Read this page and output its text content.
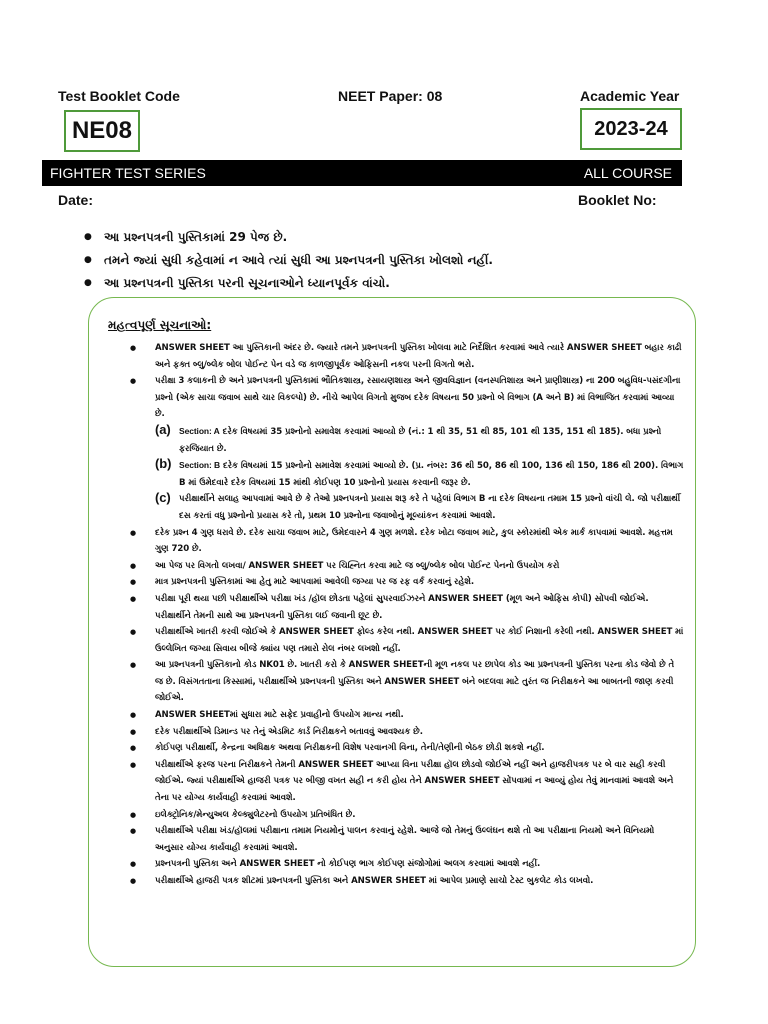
Test Booklet Code	NEET Paper: 08	Academic Year
NE08	2023-24
FIGHTER TEST SERIES	ALL COURSE
Date:	Booklet No:
● આ પ્રશ્નપત્રની પુસ્તિકામાં 29 પેજ છે.
● તમને જ્યાં સુધી કહેવામાં ન આવે ત્યાં સુધી આ પ્રશ્નપત્રની પુસ્તિકા ખોલશો નહીં.
● આ પ્રશ્નપત્રની પુસ્તિકા પરની સૂચનાઓને ધ્યાનપૂર્વક વાંચો.
મહત્વપૂર્ણ સૂચનાઓ:
● ANSWER SHEET આ પુસ્તિકાની અંદર છે. જ્યારે તમને પ્રશ્નપત્રની પુસ્તિકા ખોલવા માટે નિર્દેશિત કરવામાં આવે ત્યારે ANSWER SHEET બહાર કાઢી અને ફક્ત બ્લુ/બ્લેક બોલ પોઈન્ટ પેન વડે જ કાળજીપૂર્વક ઓફિસની નકલ પરની વિગતો ભરો.
● પરીક્ષા 3 કલાકની છે અને પ્રશ્નપત્રની પુસ્તિકામાં ભૌતિકશાસ્ત્ર, રસાયણશાસ્ત્ર અને જીવવિજ્ઞાન (વનસ્પતિશાસ્ત્ર અને પ્રાણીશાસ્ત્ર) ના 200 બહુવિધ-પસંદગીના પ્રશ્નો (એક સાચા જવાબ સાથે ચાર વિકલ્પો) છે. નીચે આપેલ વિગતો મુજબ દરેક વિષયના 50 પ્રશ્નો બે વિભાગ (A અને B) માં વિભાજિત કરવામાં આવ્યા છે.
(a) Section: A દરેક વિષયમાં 35 પ્રશ્નોનો સમાવેશ કરવામાં આવ્યો છે (નં.: 1 થી 35, 51 થી 85, 101 થી 135, 151 થી 185). બધા પ્રશ્નો ફરજિયાત છે.
(b) Section: B દરેક વિષયમાં 15 પ્રશ્નોનો સમાવેશ કરવામાં આવ્યો છે. (પ્ર. નંબર: 36 થી 50, 86 થી 100, 136 થી 150, 186 થી 200). વિભાગ B માં ઉમેદવારે દરેક વિષયમાં 15 માંથી કોઈપણ 10 પ્રશ્નોનો પ્રયાસ કરવાની જરૂર છે.
(c) પરીક્ષાર્થીને સલાહ આપવામાં આવે છે કે તેઓ પ્રશ્નપત્રનો પ્રયાસ શરૂ કરે તે પહેલાં વિભાગ B ના દરેક વિષયના તમામ 15 પ્રશ્નો વાંચી લે. જો પરીક્ષાર્થી દસ કરતાં વધુ પ્રશ્નોનો પ્રયાસ કરે તો, પ્રથમ 10 પ્રશ્નોના જવાબોનું મૂલ્યાંકન કરવામાં આવશે.
● દરેક પ્રશ્ન 4 ગુણ ધરાવે છે. દરેક સાચા જવાબ માટે, ઉમેદવારને 4 ગુણ મળશે. દરેક ખોટા જવાબ માટે, કુલ સ્કોરમાંથી એક માર્ક કાપવામાં આવશે. મહત્તમ ગુણ 720 છે.
● આ પેજ પર વિગતો લખવા/ ANSWER SHEET પર ચિહ્નિત કરવા માટે જ બ્લુ/બ્લેક બોલ પોઈન્ટ પેનનો ઉપયોગ કરો
● માત્ર પ્રશ્નપત્રની પુસ્તિકામાં આ હેતુ માટે આપવામાં આવેલી જગ્યા પર જ રફ વર્ક કરવાનું રહેશે.
● પરીક્ષા પૂરી થયા પછી પરીક્ષાર્થીએ પરીક્ષા ખંડ /હૉલ છોડતા પહેલાં સુપરવાઈઝરને ANSWER SHEET (મૂળ અને ઓફિસ કોપી) સોંપવી જોઈએ. પરીક્ષાર્થીને તેમની સાથે આ પ્રશ્નપત્રની પુસ્તિકા લઈ જવાની છૂટ છે.
● પરીક્ષાર્થીએ ખાતરી કરવી જોઈએ કે ANSWER SHEET ફોલ્ડ કરેલ નથી. ANSWER SHEET પર કોઈ નિશાની કરેલી નથી. ANSWER SHEET માં ઉલ્લેખિત જગ્યા સિવાય બીજે ક્યાંય પણ તમારો રોલ નંબર લખશો નહીં.
● આ પ્રશ્નપત્રની પુસ્તિકાનો કોડ NK01 છે. ખાતરી કરો કે ANSWER SHEETની મૂળ નકલ પર છાપેલ કોડ આ પ્રશ્નપત્રની પુસ્તિકા પરના કોડ જેવો છે તે જ છે. વિસંગતતાના કિસ્સામાં, પરીક્ષાર્થીએ પ્રશ્નપત્રની પુસ્તિકા અને ANSWER SHEET બંને બદલવા માટે તુરંત જ નિરીક્ષકને આ બાબતની જાણ કરવી જોઈએ.
● ANSWER SHEETમાં સુધારા માટે સફેદ પ્રવાહીનો ઉપયોગ માન્ય નથી.
● દરેક પરીક્ષાર્થીએ ડિમાન્ડ પર તેનું એડમિટ કાર્ડ નિરીક્ષકને બતાવવું આવશ્યક છે.
● કોઈપણ પરીક્ષાર્થી, કેન્દ્રના અધિક્ષક અથવા નિરીક્ષકની વિશેષ પરવાનગી વિના, તેની/તેણીની બેઠક છોડી શકશે નહીં.
● પરીક્ષાર્થીએ ફરજ પરના નિરીક્ષકને તેમની ANSWER SHEET આપ્યા વિના પરીક્ષા હૉલ છોડવો જોઈએ નહીં અને હાજરીપત્રક પર બે વાર સહી કરવી જોઈએ. જ્યાં પરીક્ષાર્થીએ હાજરી પત્રક પર બીજી વખત સહી ન કરી હોય તેને ANSWER SHEET સોંપવામાં ન આવ્યું હોય તેવું માનવામાં આવશે અને તેના પર યોગ્ય કાર્યવાહી કરવામાં આવશે.
● ઇલેક્ટ્રોનિક/મેન્યુઅલ કેલ્ક્યુલેટરનો ઉપયોગ પ્રતિબંધિત છે.
● પરીક્ષાર્થીએ પરીક્ષા ખંડ/હૉલમાં પરીક્ષાના તમામ નિયમોનું પાલન કરવાનું રહેશે. આજે જો તેમનું ઉલ્લંઘન થશે તો આ પરીક્ષાના નિયમો અને વિનિયમો અનુસાર યોગ્ય કાર્યવાહી કરવામાં આવશે.
● પ્રશ્નપત્રની પુસ્તિકા અને ANSWER SHEET નો કોઈપણ ભાગ કોઈપણ સંજોગોમાં અલગ કરવામાં આવશે નહીં.
● પરીક્ષાર્થીએ હાજરી પત્રક શીટમાં પ્રશ્નપત્રની પુસ્તિકા અને ANSWER SHEET માં આપેલ પ્રમાણે સાચો ટેસ્ટ બુકલેટ કોડ લખવો.
